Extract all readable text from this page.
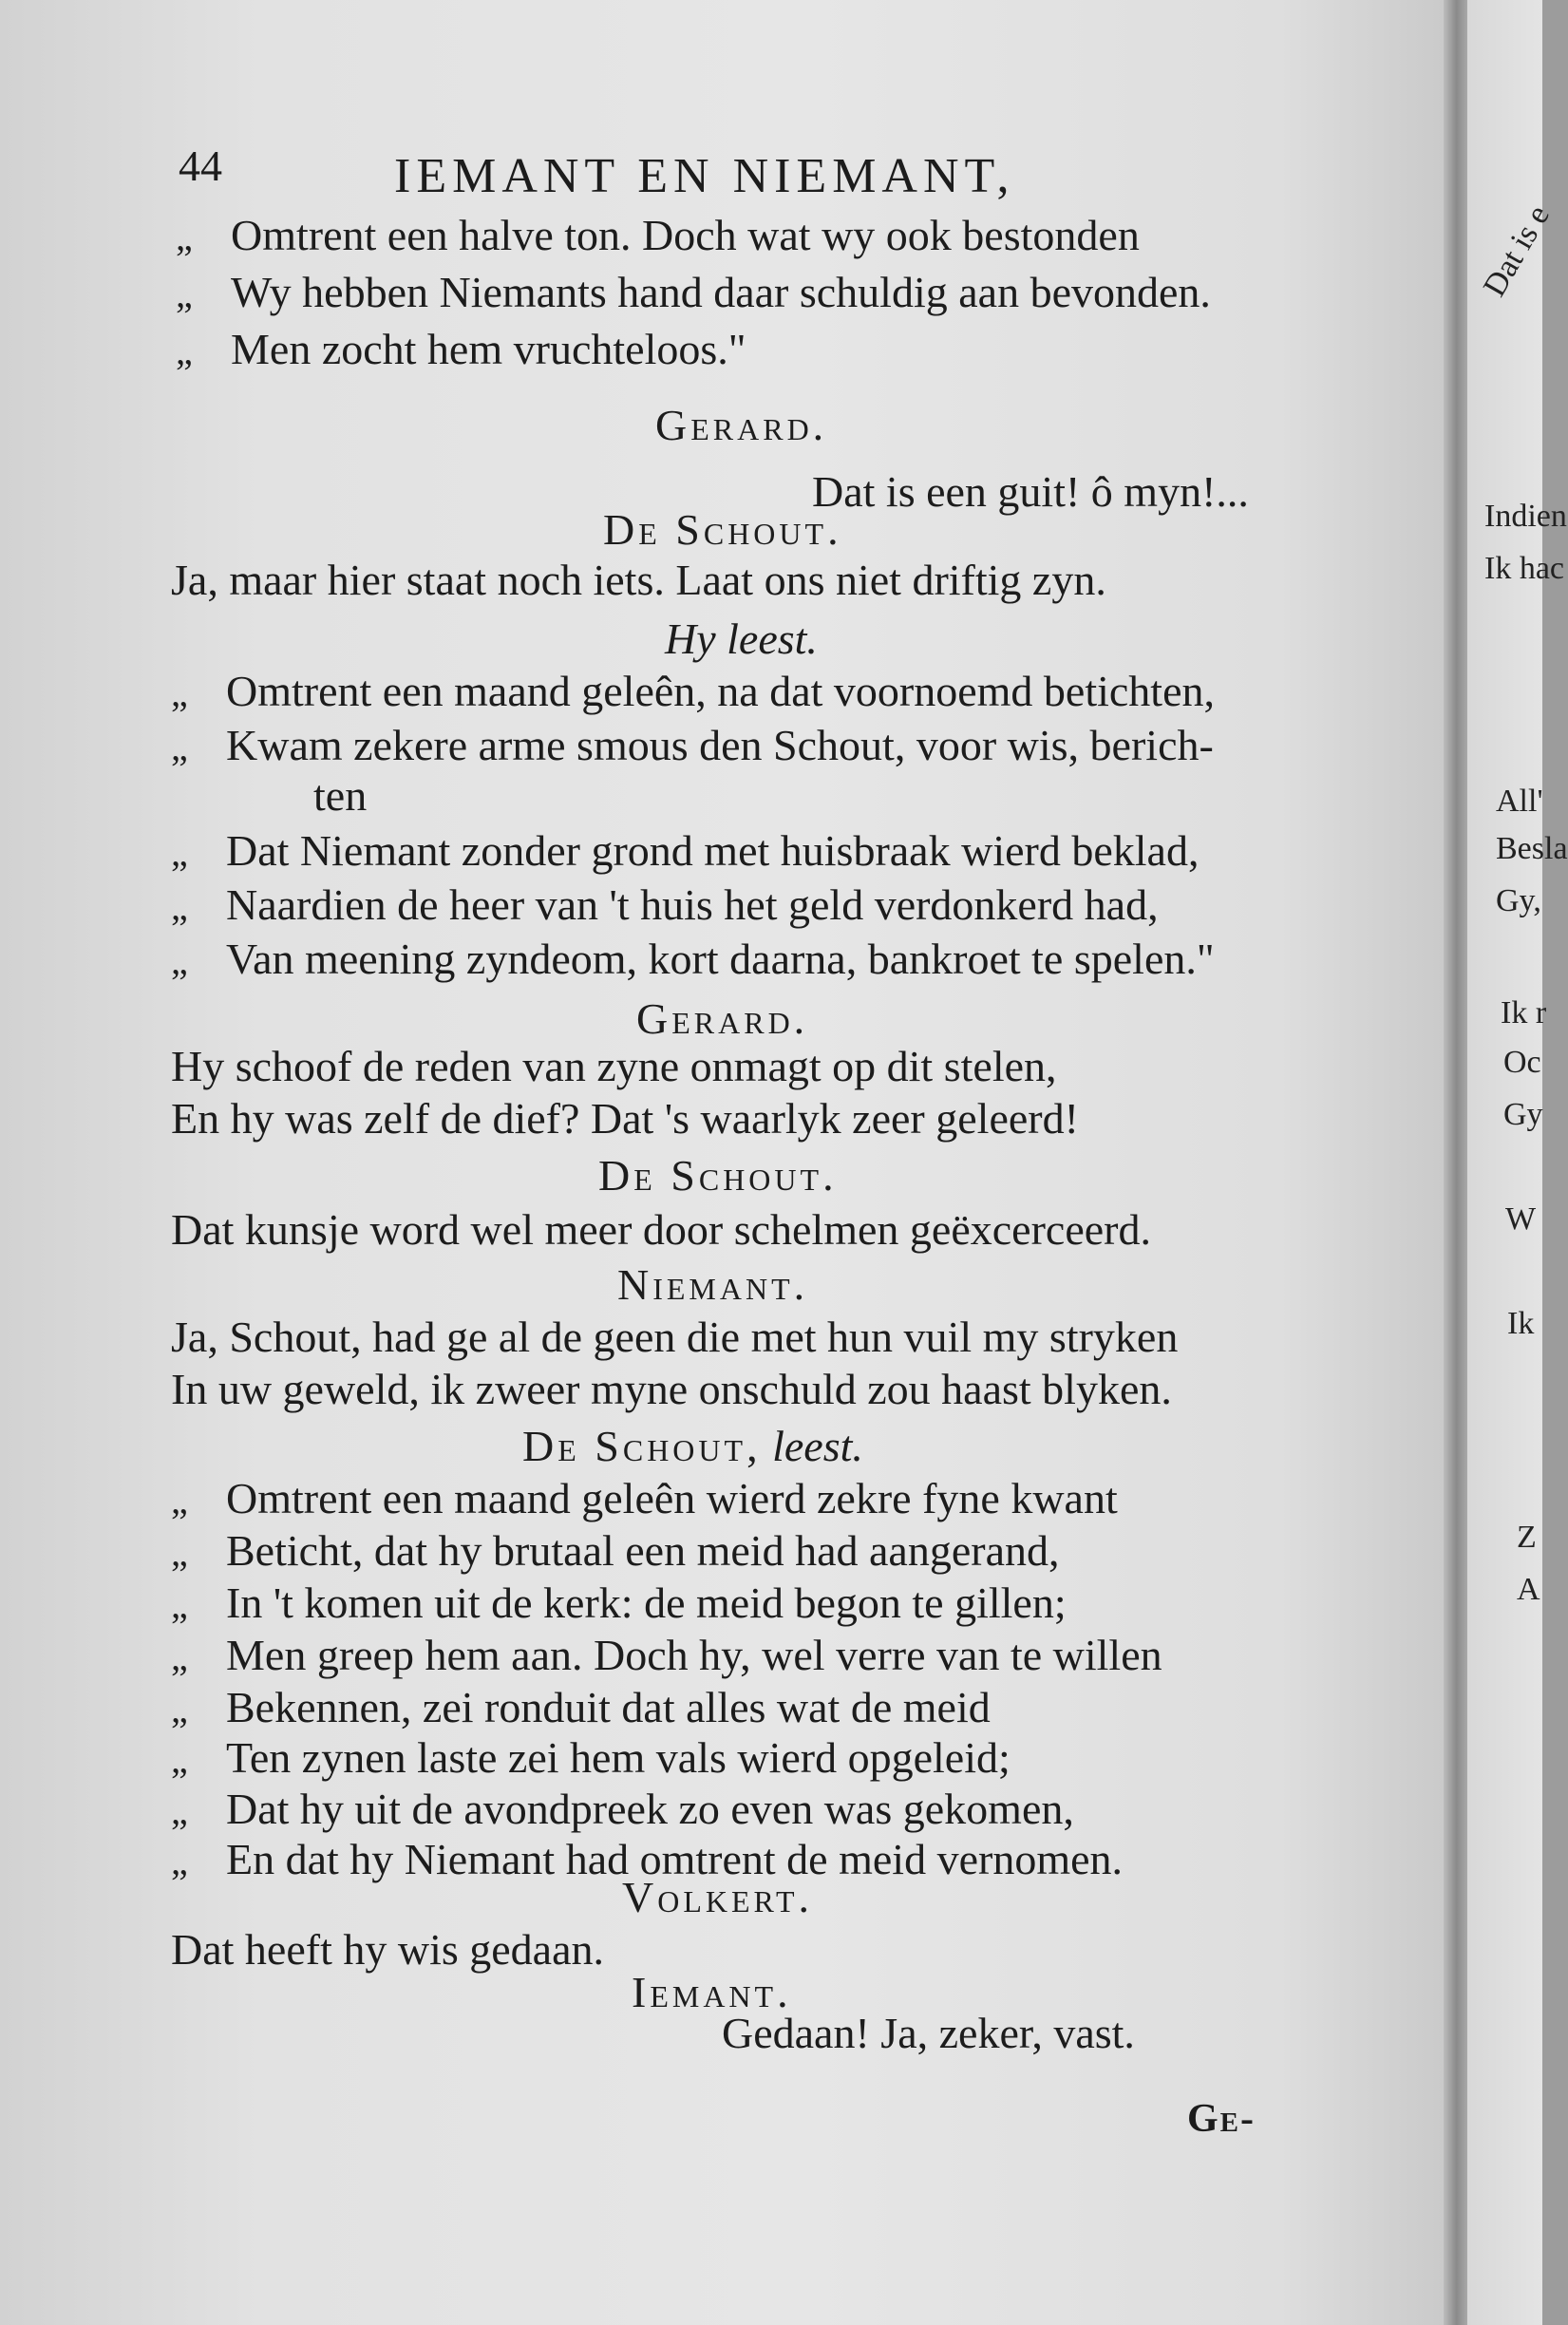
44	IEMANT EN NIEMANT,
„ Omtrent een halve ton. Doch wat wy ook bestonden
„ Wy hebben Niemants hand daar schuldig aan bevonden.
„ Men zocht hem vruchteloos."
Gerard.
Dat is een guit! ô myn!...
De Schout.
Ja, maar hier staat noch iets. Laat ons niet driftig zyn.
Hy leest.
„ Omtrent een maand geleên, na dat voornoemd betichten,
„ Kwam zekere arme smous den Schout, voor wis, berich-
ten
„ Dat Niemant zonder grond met huisbraak wierd beklad,
„ Naardien de heer van 't huis het geld verdonkerd had,
„ Van meening zyndeom, kort daarna, bankroet te spelen."
Gerard.
Hy schoof de reden van zyne onmagt op dit stelen,
En hy was zelf de dief? Dat 's waarlyk zeer geleerd!
De Schout.
Dat kunsje word wel meer door schelmen geëxcerceerd.
Niemant.
Ja, Schout, had ge al de geen die met hun vuil my stryken
In uw geweld, ik zweer myne onschuld zou haast blyken.
De Schout, leest.
„ Omtrent een maand geleên wierd zekre fyne kwant
„ Beticht, dat hy brutaal een meid had aangerand,
„ In 't komen uit de kerk: de meid begon te gillen;
„ Men greep hem aan. Doch hy, wel verre van te willen
„ Bekennen, zei ronduit dat alles wat de meid
„ Ten zynen laste zei hem vals wierd opgeleid;
„ Dat hy uit de avondpreek zo even was gekomen,
„ En dat hy Niemant had omtrent de meid vernomen.
Volkert.
Dat heeft hy wis gedaan.
Iemant.
Gedaan! Ja, zeker, vast.
Ge-
Dat is e
Indien
Ik hac
All'
Besla
Gy,
Ik r
Oc
Gy
W
Ik
Z
A
